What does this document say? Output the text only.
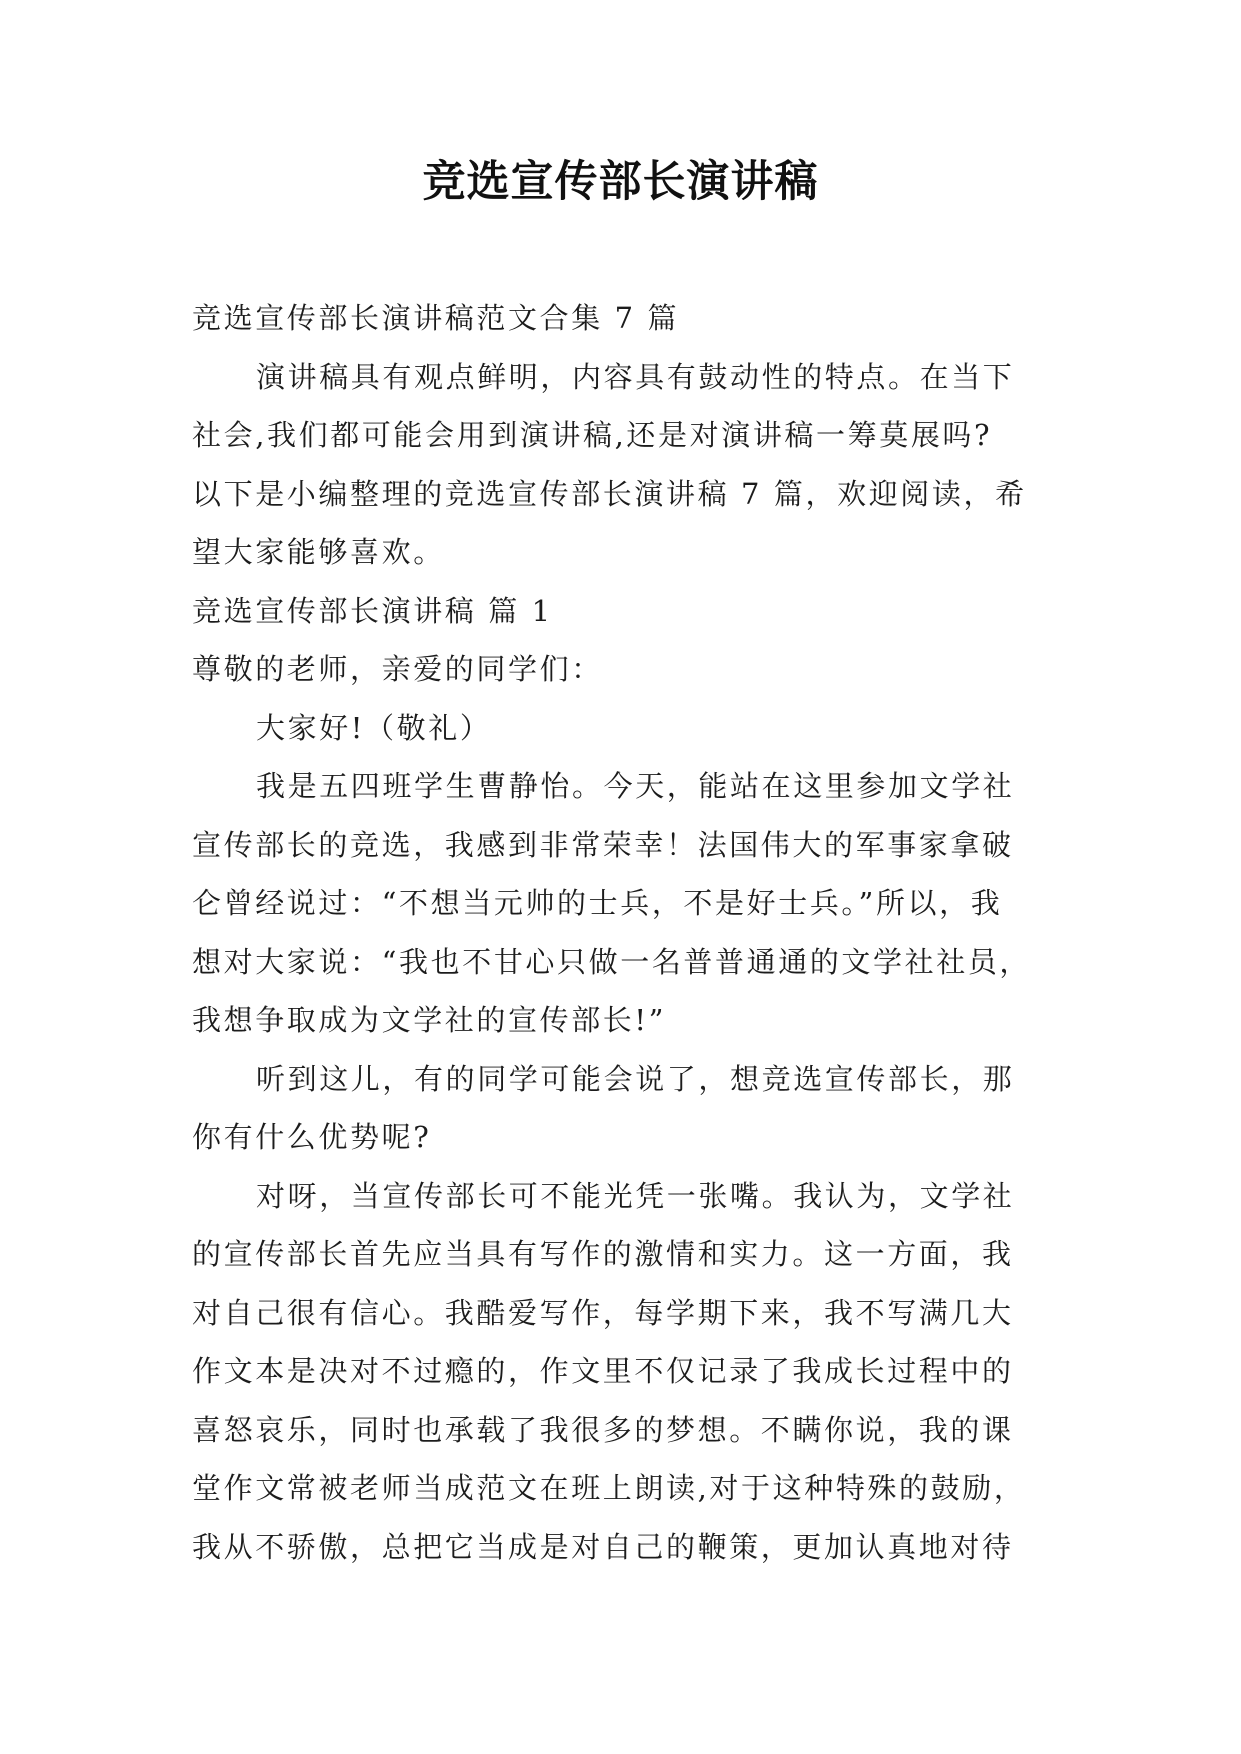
竞选宣传部长演讲稿
竞选宣传部长演讲稿范文合集 7 篇
演讲稿具有观点鲜明，内容具有鼓动性的特点。在当下
社会,我们都可能会用到演讲稿,还是对演讲稿一筹莫展吗?
以下是小编整理的竞选宣传部长演讲稿 7 篇，欢迎阅读，希
望大家能够喜欢。
竞选宣传部长演讲稿 篇 1
尊敬的老师，亲爱的同学们：
大家好!（敬礼）
我是五四班学生曹静怡。今天，能站在这里参加文学社
宣传部长的竞选，我感到非常荣幸！法国伟大的军事家拿破
仑曾经说过：“不想当元帅的士兵，不是好士兵。”所以，我
想对大家说：“我也不甘心只做一名普普通通的文学社社员，
我想争取成为文学社的宣传部长!”
听到这儿，有的同学可能会说了，想竞选宣传部长，那
你有什么优势呢?
对呀，当宣传部长可不能光凭一张嘴。我认为，文学社
的宣传部长首先应当具有写作的激情和实力。这一方面，我
对自己很有信心。我酷爱写作，每学期下来，我不写满几大
作文本是决对不过瘾的，作文里不仅记录了我成长过程中的
喜怒哀乐，同时也承载了我很多的梦想。不瞒你说，我的课
堂作文常被老师当成范文在班上朗读,对于这种特殊的鼓励，
我从不骄傲，总把它当成是对自己的鞭策，更加认真地对待
